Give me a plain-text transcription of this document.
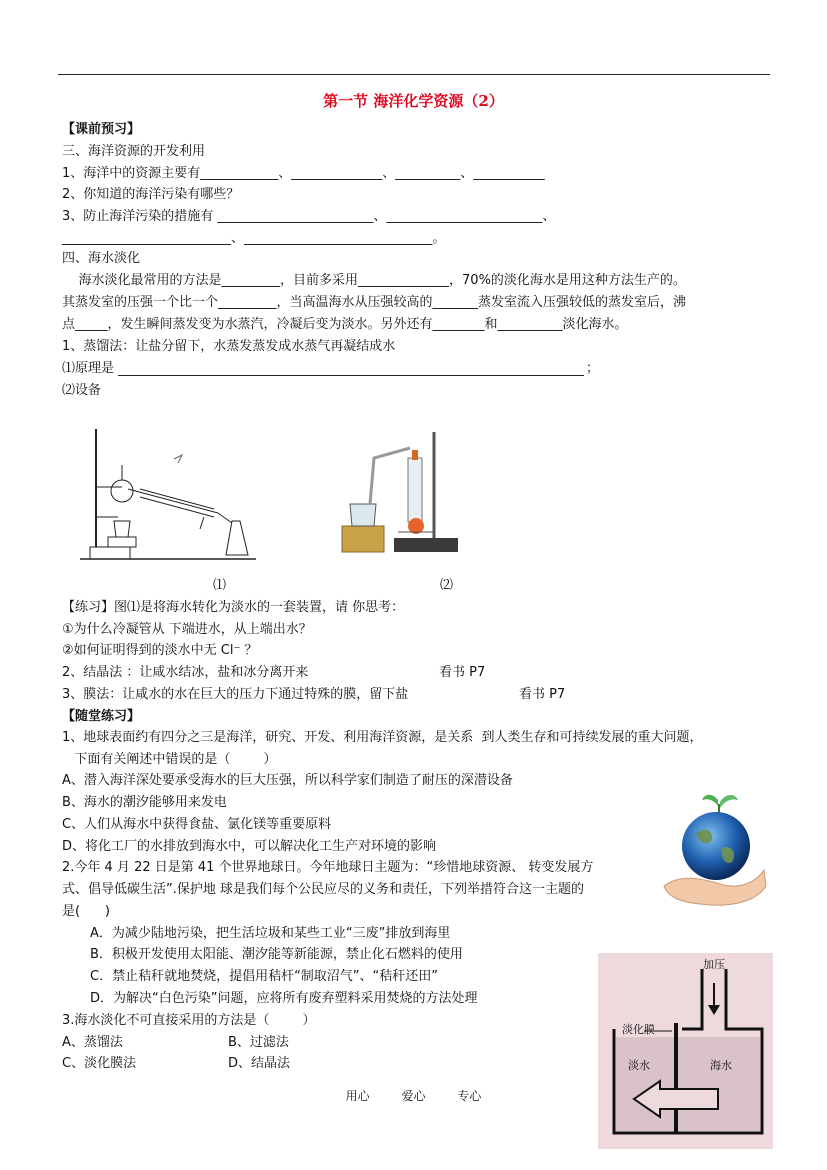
第一节 海洋化学资源（2）
【课前预习】
三、海洋资源的开发利用
1、海洋中的资源主要有____________、______________、__________、___________
2、你知道的海洋污染有哪些？
3、防止海洋污染的措施有 ________________________、________________________、
__________________________、_____________________________。
四、海水淡化
海水淡化最常用的方法是_________，目前多采用______________，70%的淡化海水是用这种方法生产的。
其蒸发室的压强一个比一个_________，当高温海水从压强较高的_______蒸发室流入压强较低的蒸发室后，沸
点_____，发生瞬间蒸发变为水蒸汽，冷凝后变为淡水。另外还有________和__________淡化海水。
1、蒸馏法：让盐分留下，水蒸发蒸发成水蒸气再凝结成水
⑴原理是	；
⑵设备
⑴	⑵
【练习】图⑴是将海水转化为淡水的一套装置，请 你思考：
①为什么冷凝管从 下端进水，从上端出水？
②如何证明得到的淡水中无 Cl⁻ ？
2、结晶法 ：让咸水结冰，盐和冰分离开来	看书 P7
3、膜法：让咸水的水在巨大的压力下通过特殊的膜，留下盐	看书 P7
【随堂练习】
1、地球表面约有四分之三是海洋，研究、开发、利用海洋资源，是关系  到人类生存和可持续发展的重大问题，
下面有关阐述中错误的是（        ）
A、潜入海洋深处要承受海水的巨大压强，所以科学家们制造了耐压的深潜设备
B、海水的潮汐能够用来发电
C、人们从海水中获得食盐、氯化镁等重要原料
D、将化工厂的水排放到海水中，可以解决化工生产对环境的影响
2.今年 4 月 22 日是第 41 个世界地球日。今年地球日主题为：“珍惜地球资源、 转变发展方
式、倡导低碳生活”.保护地 球是我们每个公民应尽的义务和责任，下列举措符合这一主题的
是(      )
A．为减少陆地污染，把生活垃圾和某些工业“三废”排放到海里
B．积极开发使用太阳能、潮汐能等新能源，禁止化石燃料的使用
C．禁止秸秆就地焚烧，提倡用秸杆“制取沼气”、“秸秆还田”
D．为解决“白色污染”问题，应将所有废弃塑料采用焚烧的方法处理
3.海水淡化不可直接采用的方法是（        ）
A、蒸馏法	B、过滤法
C、淡化膜法	D、结晶法
加压
淡化膜
淡水	海水
用心 爱心 专心
